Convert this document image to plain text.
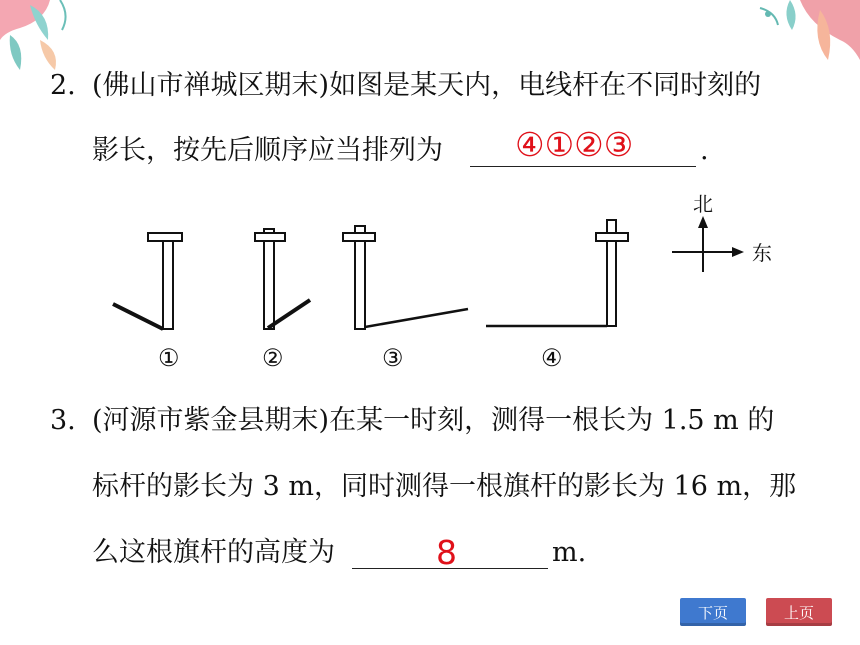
2. (佛山市禅城区期末)如图是某天内，电线杆在不同时刻的
影长，按先后顺序应当排列为 ④①②③ .
北
东
①	②	③	④
3. (河源市紫金县期末)在某一时刻，测得一根长为 1.5 m 的
标杆的影长为 3 m，同时测得一根旗杆的影长为 16 m，那
么这根旗杆的高度为	8	m.
下页	上页
